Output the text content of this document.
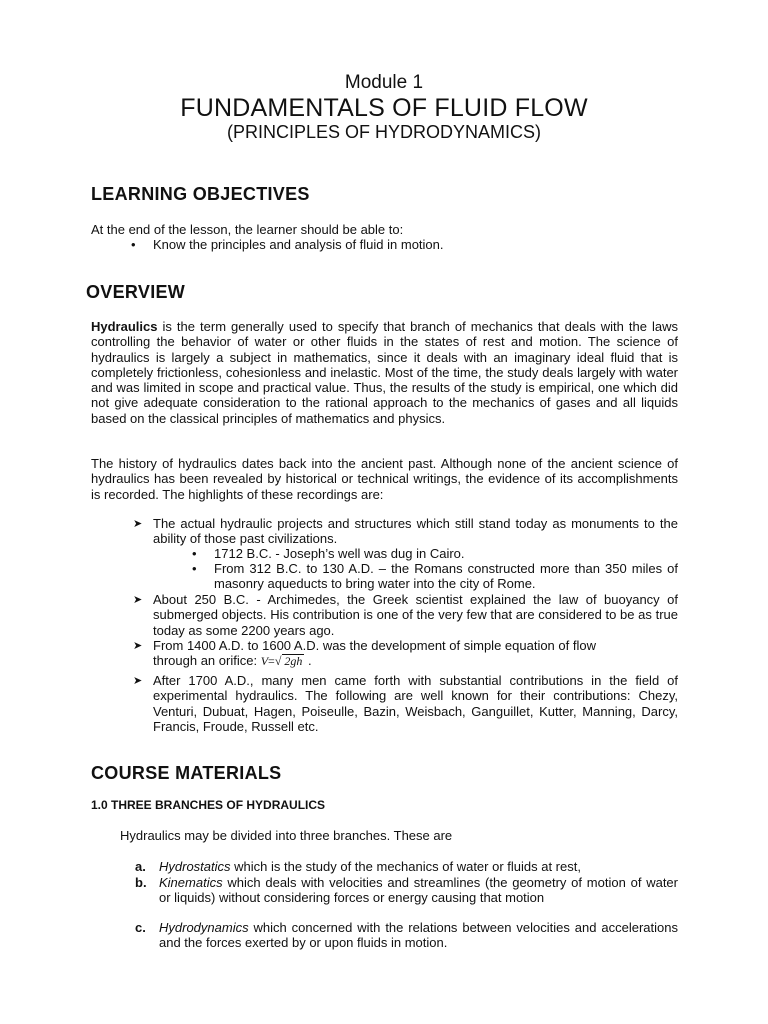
Module 1
FUNDAMENTALS OF FLUID FLOW
(PRINCIPLES OF HYDRODYNAMICS)
LEARNING OBJECTIVES
At the end of the lesson, the learner should be able to:
• Know the principles and analysis of fluid in motion.
OVERVIEW
Hydraulics is the term generally used to specify that branch of mechanics that deals with the laws controlling the behavior of water or other fluids in the states of rest and motion. The science of hydraulics is largely a subject in mathematics, since it deals with an imaginary ideal fluid that is completely frictionless, cohesionless and inelastic. Most of the time, the study deals largely with water and was limited in scope and practical value. Thus, the results of the study is empirical, one which did not give adequate consideration to the rational approach to the mechanics of gases and all liquids based on the classical principles of mathematics and physics.
The history of hydraulics dates back into the ancient past. Although none of the ancient science of hydraulics has been revealed by historical or technical writings, the evidence of its accomplishments is recorded. The highlights of these recordings are:
➤ The actual hydraulic projects and structures which still stand today as monuments to the ability of those past civilizations.
• 1712 B.C. - Joseph’s well was dug in Cairo.
• From 312 B.C. to 130 A.D. – the Romans constructed more than 350 miles of masonry aqueducts to bring water into the city of Rome.
➤ About 250 B.C. - Archimedes, the Greek scientist explained the law of buoyancy of submerged objects. His contribution is one of the very few that are considered to be as true today as some 2200 years ago.
➤ From 1400 A.D. to 1600 A.D. was the development of simple equation of flow
through an orifice: V=√ 2gh .
➤ After 1700 A.D., many men came forth with substantial contributions in the field of experimental hydraulics. The following are well known for their contributions: Chezy, Venturi, Dubuat, Hagen, Poiseulle, Bazin, Weisbach, Ganguillet, Kutter, Manning, Darcy, Francis, Froude, Russell etc.
COURSE MATERIALS
1.0 THREE BRANCHES OF HYDRAULICS
Hydraulics may be divided into three branches. These are
a. Hydrostatics which is the study of the mechanics of water or fluids at rest,
b. Kinematics which deals with velocities and streamlines (the geometry of motion of water or liquids) without considering forces or energy causing that motion
c. Hydrodynamics which concerned with the relations between velocities and accelerations and the forces exerted by or upon fluids in motion.
